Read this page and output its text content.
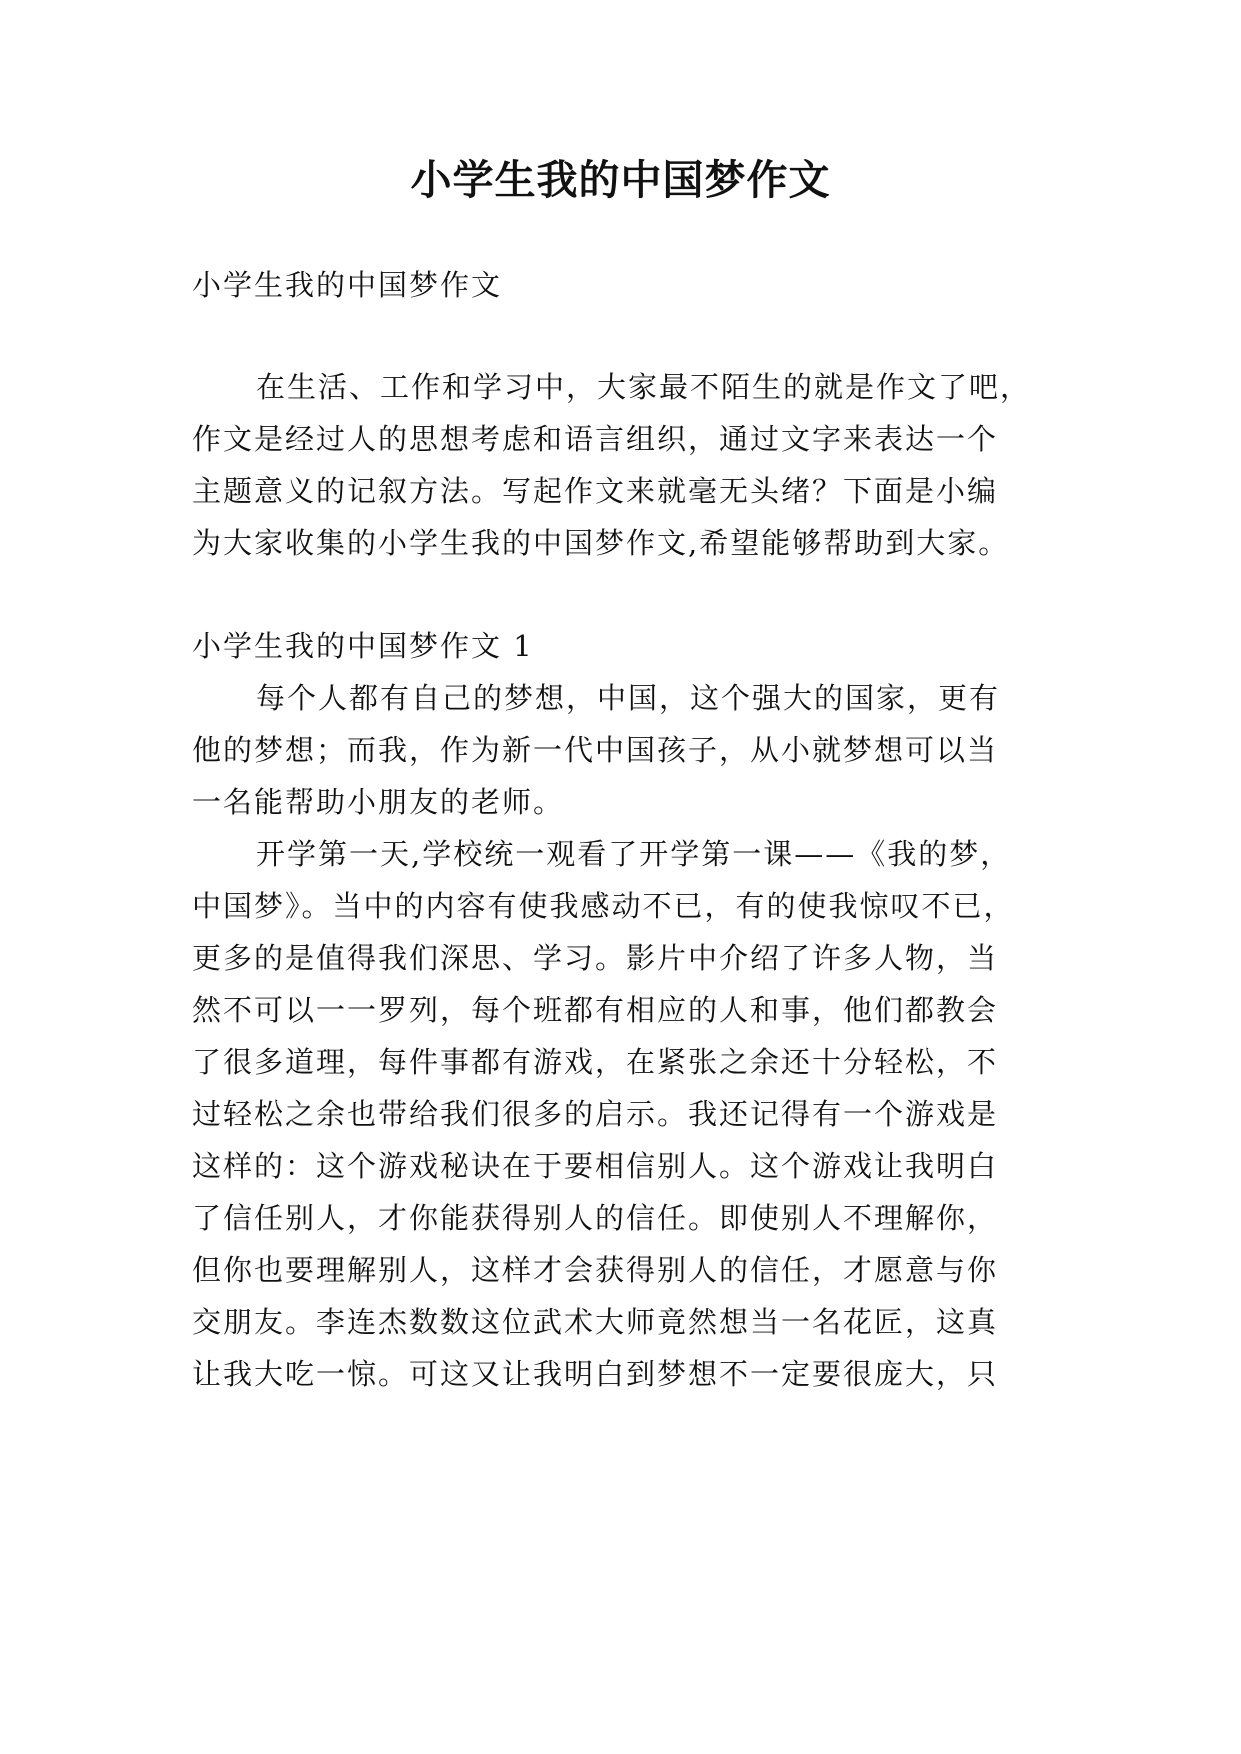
小学生我的中国梦作文
小学生我的中国梦作文
在生活、工作和学习中，大家最不陌生的就是作文了吧，
作文是经过人的思想考虑和语言组织，通过文字来表达一个
主题意义的记叙方法。写起作文来就毫无头绪？下面是小编
为大家收集的小学生我的中国梦作文,希望能够帮助到大家。
小学生我的中国梦作文 1
每个人都有自己的梦想，中国，这个强大的国家，更有
他的梦想；而我，作为新一代中国孩子，从小就梦想可以当
一名能帮助小朋友的老师。
开学第一天,学校统一观看了开学第一课——《我的梦，
中国梦》。当中的内容有使我感动不已，有的使我惊叹不已，
更多的是值得我们深思、学习。影片中介绍了许多人物，当
然不可以一一罗列，每个班都有相应的人和事，他们都教会
了很多道理，每件事都有游戏，在紧张之余还十分轻松，不
过轻松之余也带给我们很多的启示。我还记得有一个游戏是
这样的：这个游戏秘诀在于要相信别人。这个游戏让我明白
了信任别人，才你能获得别人的信任。即使别人不理解你，
但你也要理解别人，这样才会获得别人的信任，才愿意与你
交朋友。李连杰数数这位武术大师竟然想当一名花匠，这真
让我大吃一惊。可这又让我明白到梦想不一定要很庞大，只
